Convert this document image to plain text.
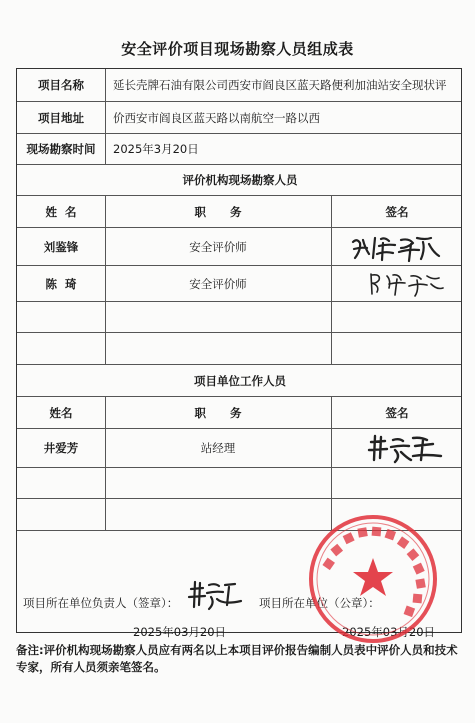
安全评价项目现场勘察人员组成表
项目名称	延长壳牌石油有限公司西安市阎良区蓝天路便利加油站安全现状评
项目地址	价西安市阎良区蓝天路以南航空一路以西
现场勘察时间	2025年3月20日
评价机构现场勘察人员
姓  名	职      务	签名
刘鉴锋	安全评价师
陈  琦	安全评价师
项目单位工作人员
姓名	职      务	签名
井爱芳	站经理
项目所在单位负责人（签章）：
2025年03月20日
项目所在单位（公章）：
2025年03月20日
备注:评价机构现场勘察人员应有两名以上本项目评价报告编制人员表中评价人员和技术专家，所有人员须亲笔签名。
